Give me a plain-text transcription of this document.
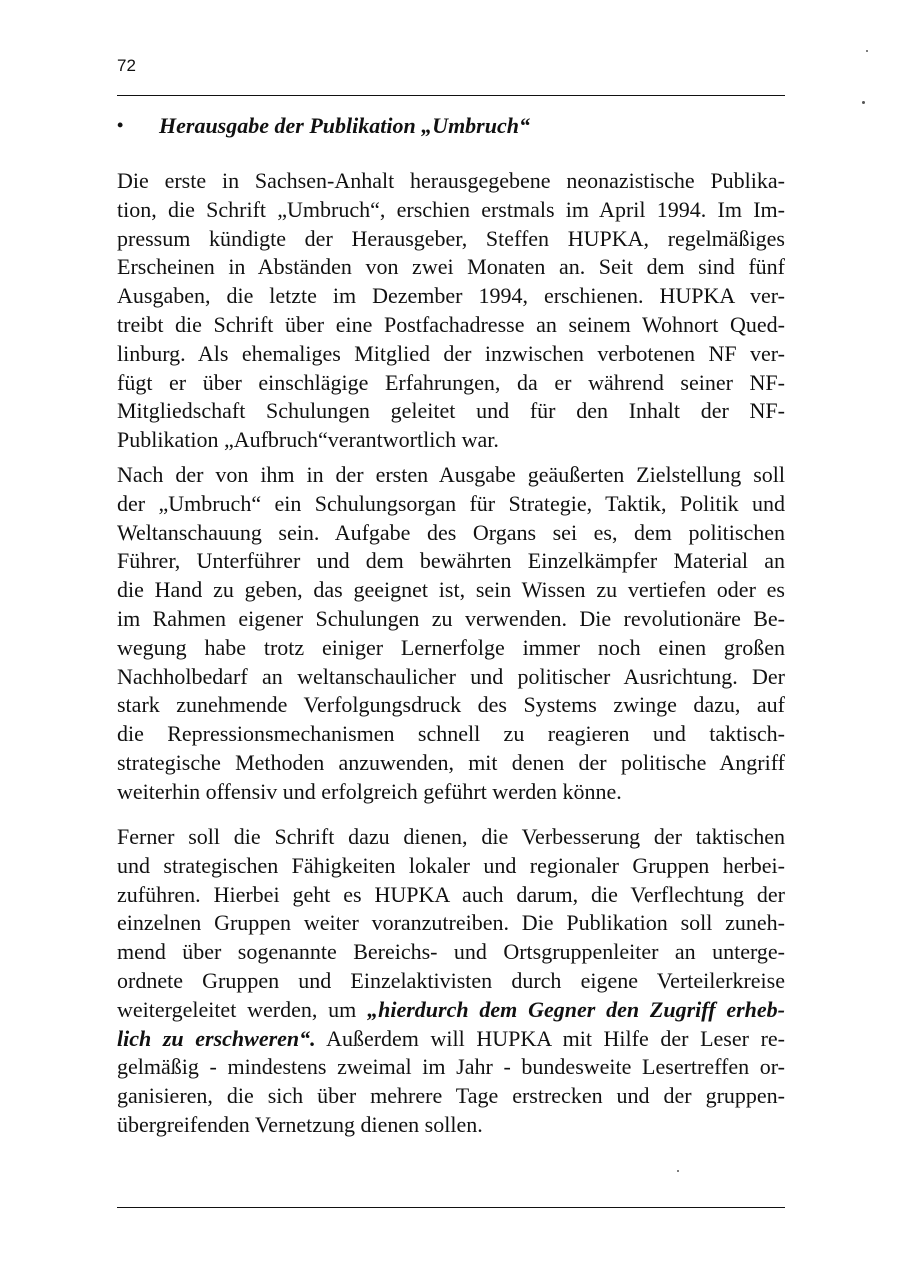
72
• Herausgabe der Publikation „Umbruch“
Die erste in Sachsen-Anhalt herausgegebene neonazistische Publika-
tion, die Schrift „Umbruch“, erschien erstmals im April 1994. Im Im-
pressum kündigte der Herausgeber, Steffen HUPKA, regelmäßiges
Erscheinen in Abständen von zwei Monaten an. Seit dem sind fünf
Ausgaben, die letzte im Dezember 1994, erschienen. HUPKA ver-
treibt die Schrift über eine Postfachadresse an seinem Wohnort Qued-
linburg. Als ehemaliges Mitglied der inzwischen verbotenen NF ver-
fügt er über einschlägige Erfahrungen, da er während seiner NF-
Mitgliedschaft Schulungen geleitet und für den Inhalt der NF-
Publikation „Aufbruch“verantwortlich war.
Nach der von ihm in der ersten Ausgabe geäußerten Zielstellung soll
der „Umbruch“ ein Schulungsorgan für Strategie, Taktik, Politik und
Weltanschauung sein. Aufgabe des Organs sei es, dem politischen
Führer, Unterführer und dem bewährten Einzelkämpfer Material an
die Hand zu geben, das geeignet ist, sein Wissen zu vertiefen oder es
im Rahmen eigener Schulungen zu verwenden. Die revolutionäre Be-
wegung habe trotz einiger Lernerfolge immer noch einen großen
Nachholbedarf an weltanschaulicher und politischer Ausrichtung. Der
stark zunehmende Verfolgungsdruck des Systems zwinge dazu, auf
die Repressionsmechanismen schnell zu reagieren und taktisch-
strategische Methoden anzuwenden, mit denen der politische Angriff
weiterhin offensiv und erfolgreich geführt werden könne.
Ferner soll die Schrift dazu dienen, die Verbesserung der taktischen
und strategischen Fähigkeiten lokaler und regionaler Gruppen herbei-
zuführen. Hierbei geht es HUPKA auch darum, die Verflechtung der
einzelnen Gruppen weiter voranzutreiben. Die Publikation soll zuneh-
mend über sogenannte Bereichs- und Ortsgruppenleiter an unterge-
ordnete Gruppen und Einzelaktivisten durch eigene Verteilerkreise
weitergeleitet werden, um „hierdurch dem Gegner den Zugriff erheb-
lich zu erschweren“. Außerdem will HUPKA mit Hilfe der Leser re-
gelmäßig - mindestens zweimal im Jahr - bundesweite Lesertreffen or-
ganisieren, die sich über mehrere Tage erstrecken und der gruppen-
übergreifenden Vernetzung dienen sollen.
